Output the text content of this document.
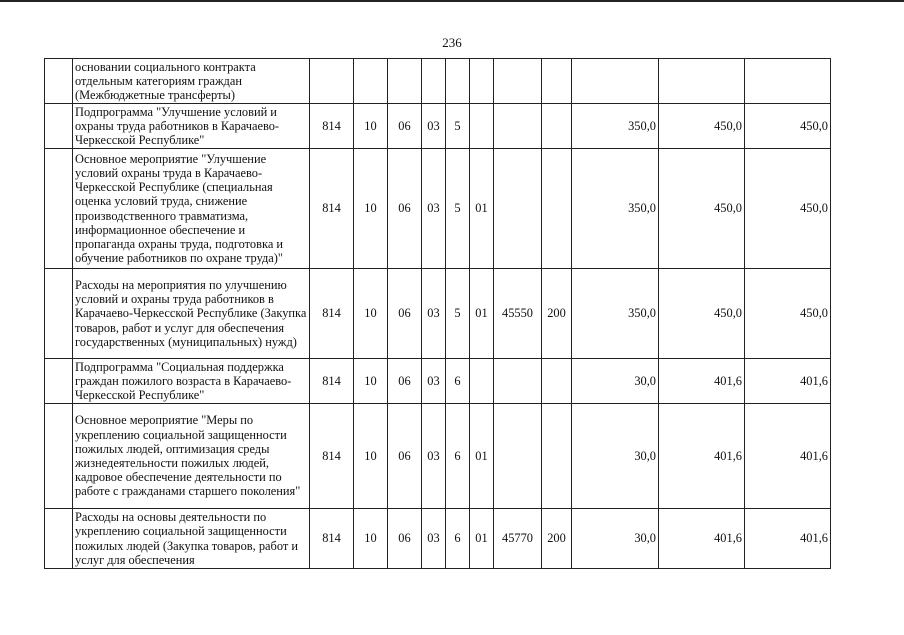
236
	основании социального контракта отдельным категориям граждан (Межбюджетные трансферты)											
	Подпрограмма "Улучшение условий и охраны труда работников в Карачаево-Черкесской Республике"	814	10	06	03	5				350,0	450,0	450,0
	Основное мероприятие "Улучшение условий охраны труда в Карачаево-Черкесской Республике (специальная оценка условий труда, снижение производственного травматизма, информационное обеспечение и пропаганда охраны труда, подготовка и обучение работников по охране труда)"	814	10	06	03	5	01			350,0	450,0	450,0
	Расходы на мероприятия по улучшению условий и охраны труда работников в Карачаево-Черкесской Республике (Закупка товаров, работ и услуг для обеспечения государственных (муниципальных) нужд)	814	10	06	03	5	01	45550	200	350,0	450,0	450,0
	Подпрограмма "Социальная поддержка граждан пожилого возраста в Карачаево-Черкесской Республике"	814	10	06	03	6				30,0	401,6	401,6
	Основное мероприятие "Меры по укреплению социальной защищенности пожилых людей, оптимизация среды жизнедеятельности пожилых людей, кадровое обеспечение деятельности по работе с гражданами старшего поколения"	814	10	06	03	6	01			30,0	401,6	401,6
	Расходы на основы деятельности по укреплению социальной защищенности пожилых людей (Закупка товаров, работ и услуг для обеспечения	814	10	06	03	6	01	45770	200	30,0	401,6	401,6
